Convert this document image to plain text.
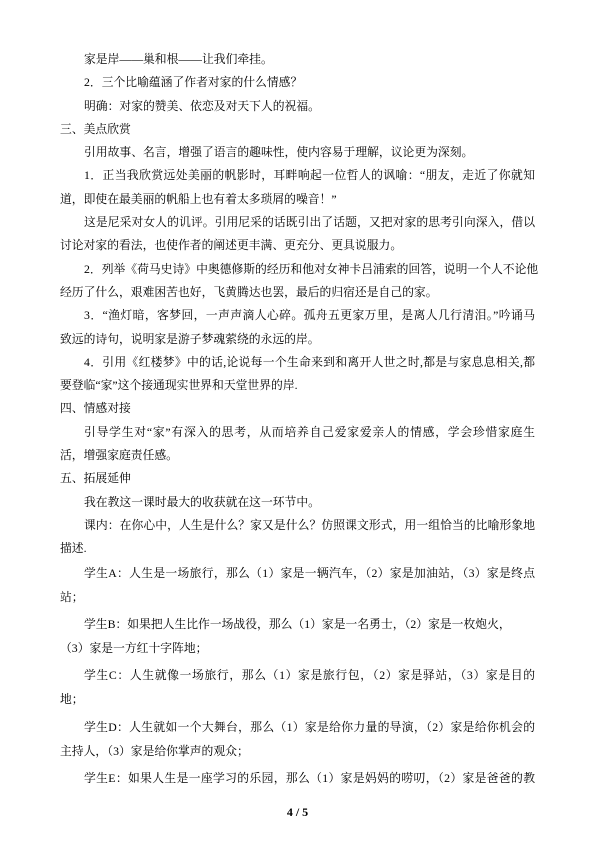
家是岸——巢和根——让我们牵挂。
2．三个比喻蕴涵了作者对家的什么情感？
明确：对家的赞美、依恋及对天下人的祝福。
三、美点欣赏
引用故事、名言，增强了语言的趣味性，使内容易于理解，议论更为深刻。
1．正当我欣赏远处美丽的帆影时，耳畔响起一位哲人的讽喻：“朋友，走近了你就知
道，即使在最美丽的帆船上也有着太多琐屑的噪音！”
这是尼采对女人的讥评。引用尼采的话既引出了话题，又把对家的思考引向深入，借以
讨论对家的看法，也使作者的阐述更丰满、更充分、更具说服力。
2．列举《荷马史诗》中奥德修斯的经历和他对女神卡吕浦索的回答，说明一个人不论他
经历了什么，艰难困苦也好，飞黄腾达也罢，最后的归宿还是自己的家。
3．“渔灯暗，客梦回，一声声滴人心碎。孤舟五更家万里，是离人几行清泪。”吟诵马
致远的诗句，说明家是游子梦魂萦绕的永远的岸。
4．引用《红楼梦》中的话,论说每一个生命来到和离开人世之时,都是与家息息相关,都
要登临“家”这个接通现实世界和天堂世界的岸.
四、情感对接
引导学生对“家”有深入的思考，从而培养自己爱家爱亲人的情感，学会珍惜家庭生
活，增强家庭责任感。
五、拓展延伸
我在教这一课时最大的收获就在这一环节中。
课内：在你心中，人生是什么？家又是什么？仿照课文形式，用一组恰当的比喻形象地
描述.
学生A：人生是一场旅行，那么（1）家是一辆汽车，（2）家是加油站，（3）家是终点
站；
学生B：如果把人生比作一场战役，那么（1）家是一名勇士，（2）家是一枚炮火，
（3）家是一方红十字阵地；
学生C：人生就像一场旅行，那么（1）家是旅行包，（2）家是驿站，（3）家是目的
地；
学生D：人生就如一个大舞台，那么（1）家是给你力量的导演，（2）家是给你机会的
主持人，（3）家是给你掌声的观众；
学生E：如果人生是一座学习的乐园，那么（1）家是妈妈的唠叨，（2）家是爸爸的教
4 / 5
